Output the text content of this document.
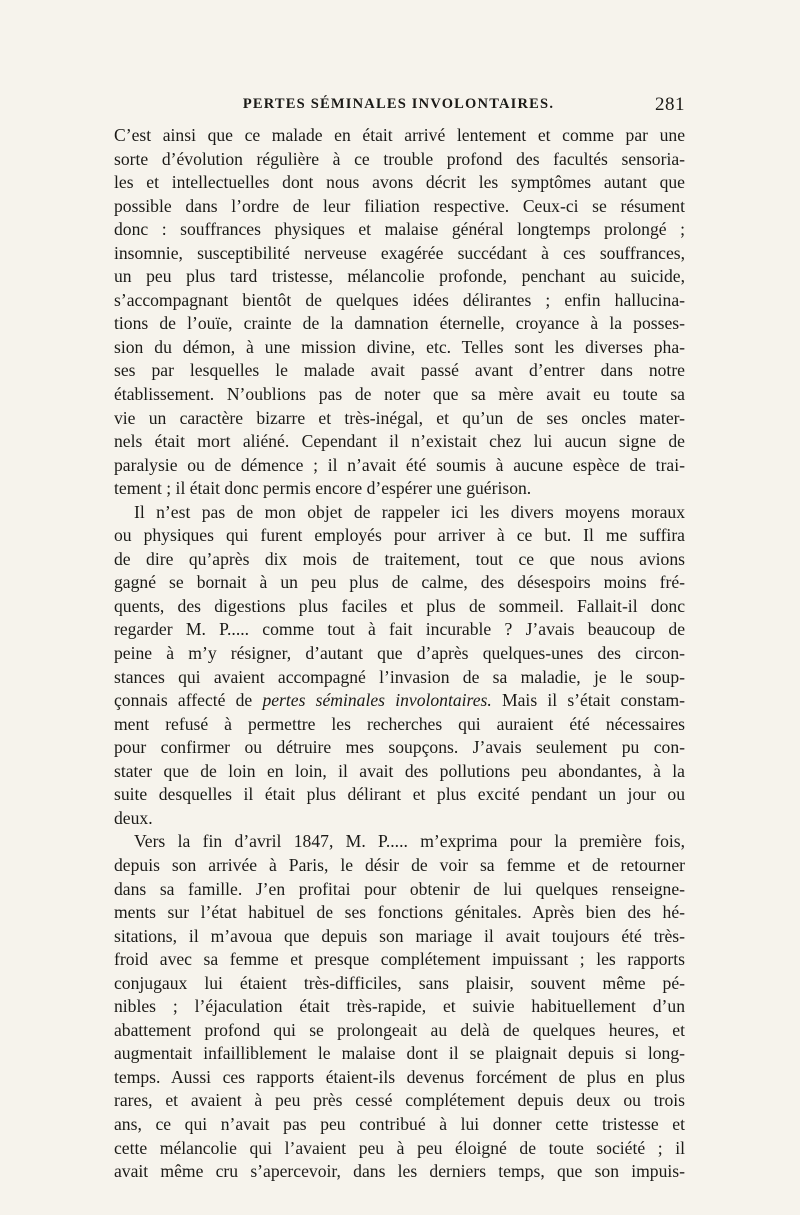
PERTES SÉMINALES INVOLONTAIRES.	281
C’est ainsi que ce malade en était arrivé lentement et comme par une
sorte d’évolution régulière à ce trouble profond des facultés sensoria-
les et intellectuelles dont nous avons décrit les symptômes autant que
possible dans l’ordre de leur filiation respective. Ceux-ci se résument
donc : souffrances physiques et malaise général longtemps prolongé ;
insomnie, susceptibilité nerveuse exagérée succédant à ces souffrances,
un peu plus tard tristesse, mélancolie profonde, penchant au suicide,
s’accompagnant bientôt de quelques idées délirantes ; enfin hallucina-
tions de l’ouïe, crainte de la damnation éternelle, croyance à la posses-
sion du démon, à une mission divine, etc. Telles sont les diverses pha-
ses par lesquelles le malade avait passé avant d’entrer dans notre
établissement. N’oublions pas de noter que sa mère avait eu toute sa
vie un caractère bizarre et très-inégal, et qu’un de ses oncles mater-
nels était mort aliéné. Cependant il n’existait chez lui aucun signe de
paralysie ou de démence ; il n’avait été soumis à aucune espèce de trai-
tement ; il était donc permis encore d’espérer une guérison.
Il n’est pas de mon objet de rappeler ici les divers moyens moraux
ou physiques qui furent employés pour arriver à ce but. Il me suffira
de dire qu’après dix mois de traitement, tout ce que nous avions
gagné se bornait à un peu plus de calme, des désespoirs moins fré-
quents, des digestions plus faciles et plus de sommeil. Fallait-il donc
regarder M. P..... comme tout à fait incurable ? J’avais beaucoup de
peine à m’y résigner, d’autant que d’après quelques-unes des circon-
stances qui avaient accompagné l’invasion de sa maladie, je le soup-
çonnais affecté de pertes séminales involontaires. Mais il s’était constam-
ment refusé à permettre les recherches qui auraient été nécessaires
pour confirmer ou détruire mes soupçons. J’avais seulement pu con-
stater que de loin en loin, il avait des pollutions peu abondantes, à la
suite desquelles il était plus délirant et plus excité pendant un jour ou
deux.
Vers la fin d’avril 1847, M. P..... m’exprima pour la première fois,
depuis son arrivée à Paris, le désir de voir sa femme et de retourner
dans sa famille. J’en profitai pour obtenir de lui quelques renseigne-
ments sur l’état habituel de ses fonctions génitales. Après bien des hé-
sitations, il m’avoua que depuis son mariage il avait toujours été très-
froid avec sa femme et presque complétement impuissant ; les rapports
conjugaux lui étaient très-difficiles, sans plaisir, souvent même pé-
nibles ; l’éjaculation était très-rapide, et suivie habituellement d’un
abattement profond qui se prolongeait au delà de quelques heures, et
augmentait infailliblement le malaise dont il se plaignait depuis si long-
temps. Aussi ces rapports étaient-ils devenus forcément de plus en plus
rares, et avaient à peu près cessé complétement depuis deux ou trois
ans, ce qui n’avait pas peu contribué à lui donner cette tristesse et
cette mélancolie qui l’avaient peu à peu éloigné de toute société ; il
avait même cru s’apercevoir, dans les derniers temps, que son impuis-
